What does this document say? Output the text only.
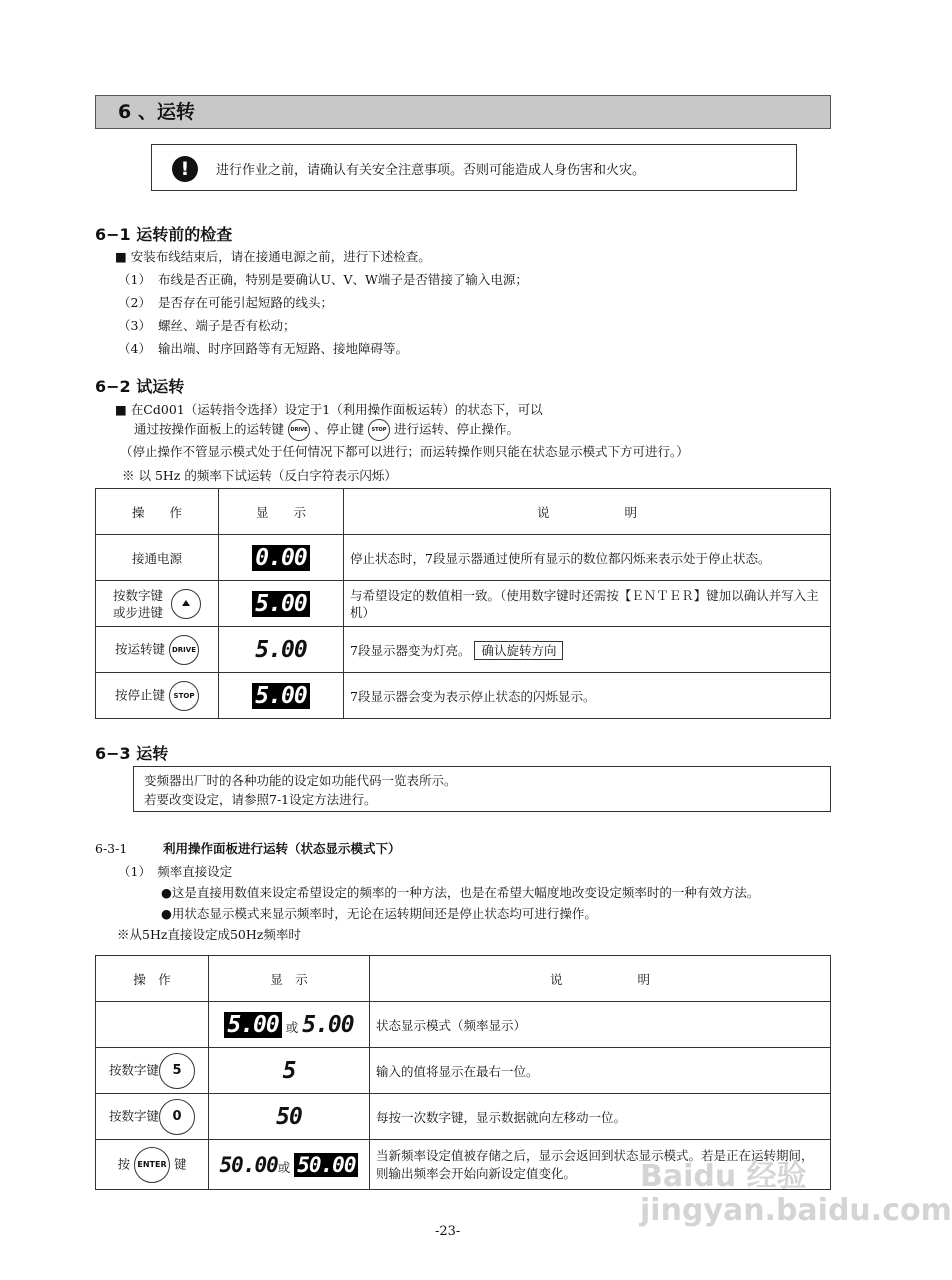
6 、运转
!	进行作业之前，请确认有关安全注意事项。否则可能造成人身伤害和火灾。
6−1 运转前的检查
■ 安装布线结束后，请在接通电源之前，进行下述检查。
（1） 布线是否正确，特别是要确认U、V、W端子是否错接了输入电源；
（2） 是否存在可能引起短路的线头；
（3） 螺丝、端子是否有松动；
（4） 输出端、时序回路等有无短路、接地障碍等。
6−2 试运转
■ 在Cd001（运转指令选择）设定于1（利用操作面板运转）的状态下，可以
通过按操作面板上的运转键 DRIVE 、停止键 STOP 进行运转、停止操作。
（停止操作不管显示模式处于任何情况下都可以进行；而运转操作则只能在状态显示模式下方可进行。）
※ 以 5Hz 的频率下试运转（反白字符表示闪烁）
操　　作	显　　示	说　　　　　　明
接通电源	0.00	停止状态时，7段显示器通过使所有显示的数位都闪烁来表示处于停止状态。

按数字键
或步进键	5.00	与希望设定的数值相一致。（使用数字键时还需按【ＥＮＴＥＲ】键加以确认并写入主机）
按运转键 DRIVE	5.00	7段显示器变为灯亮。 确认旋转方向
按停止键 STOP	5.00	7段显示器会变为表示停止状态的闪烁显示。
6−3 运转
变频器出厂时的各种功能的设定如功能代码一览表所示。
若要改变设定，请参照7-1设定方法进行。
6-3-1	利用操作面板进行运转（状态显示模式下）
（1）　频率直接设定
●这是直接用数值来设定希望设定的频率的一种方法，也是在希望大幅度地改变设定频率时的一种有效方法。
●用状态显示模式来显示频率时，无论在运转期间还是停止状态均可进行操作。
※从5Hz直接设定成50Hz频率时
操　作	显　示	说　　　　　　明
	5.00 或 5.00	状态显示模式（频率显示）
按数字键 5	5	输入的值将显示在最右一位。
按数字键 0	50	每按一次数字键，显示数据就向左移动一位。
按 ENTER 键	50.00或 50.00	当新频率设定值被存储之后，显示会返回到状态显示模式。若是正在运转期间，则输出频率会开始向新设定值变化。
-23-
Baidu 经验 jingyan.baidu.com
